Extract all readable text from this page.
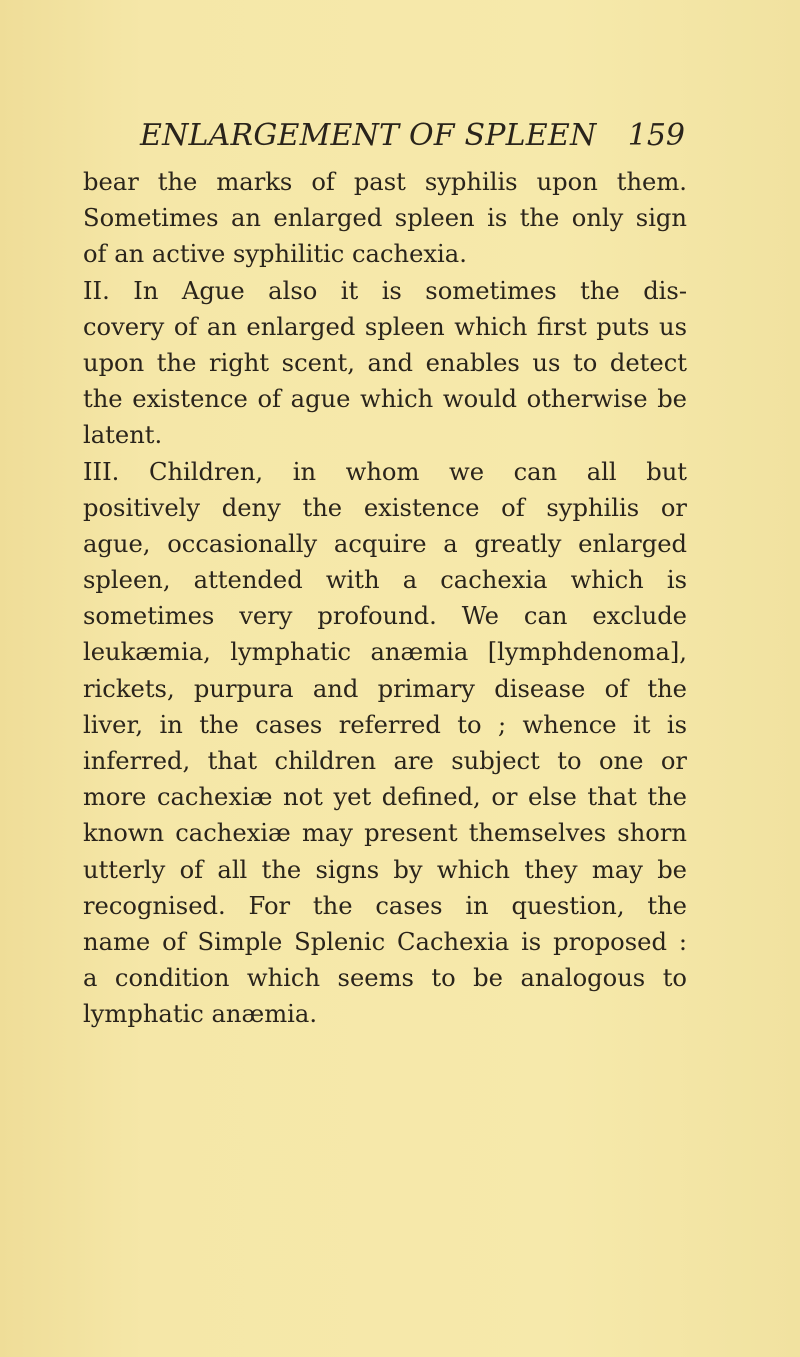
ENLARGEMENT OF SPLEEN 159
bear the marks of past syphilis upon them.
Sometimes an enlarged spleen is the only sign
of an active syphilitic cachexia.
II. In Ague also it is sometimes the dis-
covery of an enlarged spleen which first puts us
upon the right scent, and enables us to detect
the existence of ague which would otherwise be
latent.
III. Children, in whom we can all but
positively deny the existence of syphilis or
ague, occasionally acquire a greatly enlarged
spleen, attended with a cachexia which is
sometimes very profound. We can exclude
leukæmia, lymphatic anæmia [lymphdenoma],
rickets, purpura and primary disease of the
liver, in the cases referred to ; whence it is
inferred, that children are subject to one or
more cachexiæ not yet defined, or else that the
known cachexiæ may present themselves shorn
utterly of all the signs by which they may be
recognised. For the cases in question, the
name of Simple Splenic Cachexia is proposed :
a condition which seems to be analogous to
lymphatic anæmia.
